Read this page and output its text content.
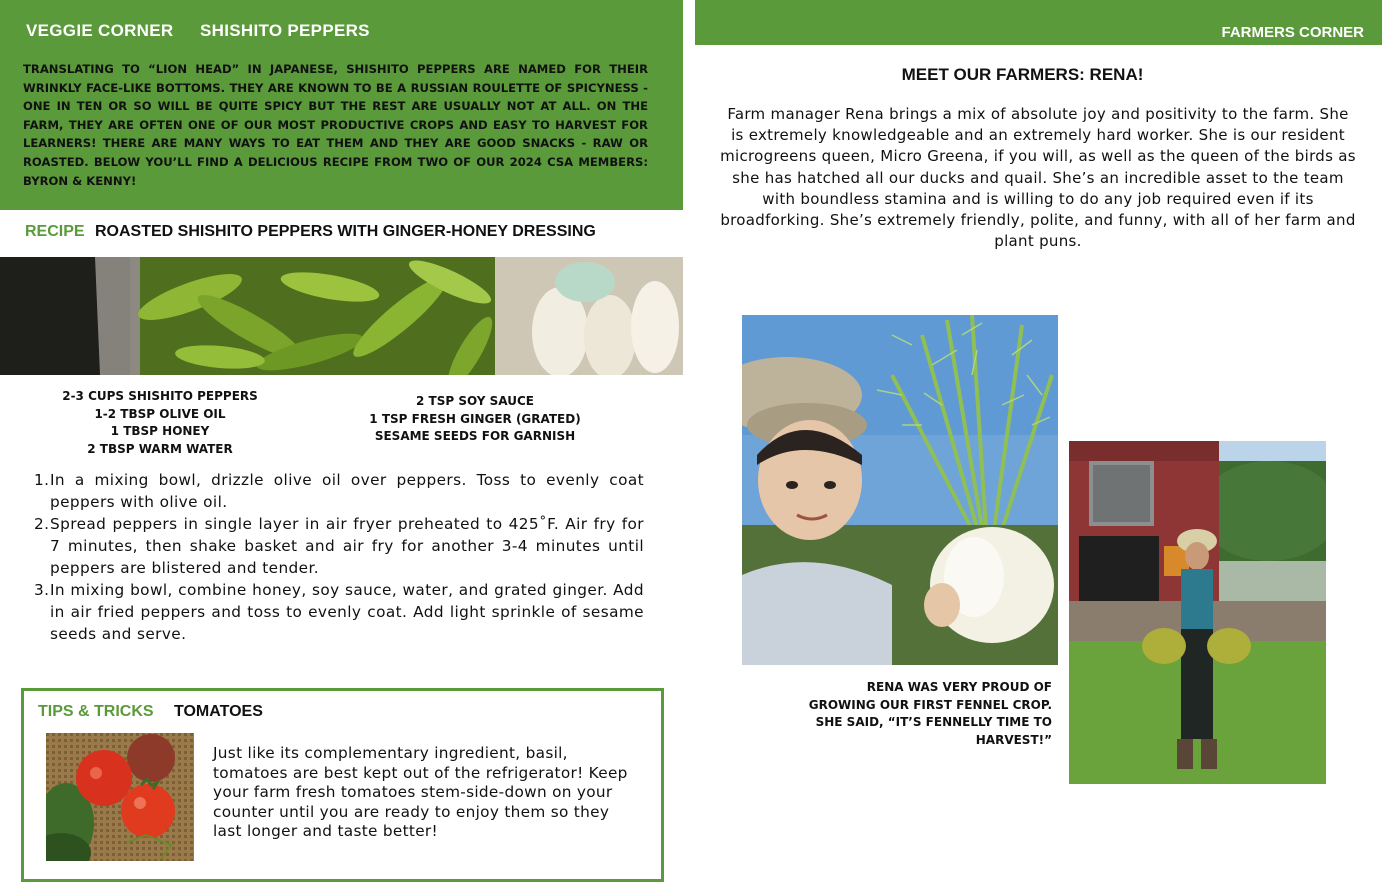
VEGGIE CORNER SHISHITO PEPPERS

TRANSLATING TO “LION HEAD” IN JAPANESE, SHISHITO PEPPERS ARE NAMED FOR THEIR WRINKLY FACE-LIKE BOTTOMS. THEY ARE KNOWN TO BE A RUSSIAN ROULETTE OF SPICYNESS - ONE IN TEN OR SO WILL BE QUITE SPICY BUT THE REST ARE USUALLY NOT AT ALL. ON THE FARM, THEY ARE OFTEN ONE OF OUR MOST PRODUCTIVE CROPS AND EASY TO HARVEST FOR LEARNERS! THERE ARE MANY WAYS TO EAT THEM AND THEY ARE GOOD SNACKS - RAW OR ROASTED. BELOW YOU’LL FIND A DELICIOUS RECIPE FROM TWO OF OUR 2024 CSA MEMBERS: BYRON & KENNY!

RECIPE ROASTED SHISHITO PEPPERS WITH GINGER-HONEY DRESSING
2-3 CUPS SHISHITO PEPPERS
1-2 TBSP OLIVE OIL
1 TBSP HONEY
2 TBSP WARM WATER
2 TSP SOY SAUCE
1 TSP FRESH GINGER (GRATED)
SESAME SEEDS FOR GARNISH
1. In a mixing bowl, drizzle olive oil over peppers. Toss to evenly coat peppers with olive oil.
2. Spread peppers in single layer in air fryer preheated to 425˚F. Air fry for 7 minutes, then shake basket and air fry for another 3-4 minutes until peppers are blistered and tender.
3. In mixing bowl, combine honey, soy sauce, water, and grated ginger. Add in air fried peppers and toss to evenly coat. Add light sprinkle of sesame seeds and serve.
TIPS & TRICKS TOMATOES

Just like its complementary ingredient, basil, tomatoes are best kept out of the refrigerator! Keep your farm fresh tomatoes stem-side-down on your counter until you are ready to enjoy them so they last longer and taste better!

FARMERS CORNER
MEET OUR FARMERS: RENA!

Farm manager Rena brings a mix of absolute joy and positivity to the farm. She is extremely knowledgeable and an extremely hard worker. She is our resident microgreens queen, Micro Greena, if you will, as well as the queen of the birds as she has hatched all our ducks and quail. She’s an incredible asset to the team with boundless stamina and is willing to do any job required even if its broadforking. She’s extremely friendly, polite, and funny, with all of her farm and plant puns.

RENA WAS VERY PROUD OF
GROWING OUR FIRST FENNEL CROP.
SHE SAID, “IT’S FENNELLY TIME TO HARVEST!”
